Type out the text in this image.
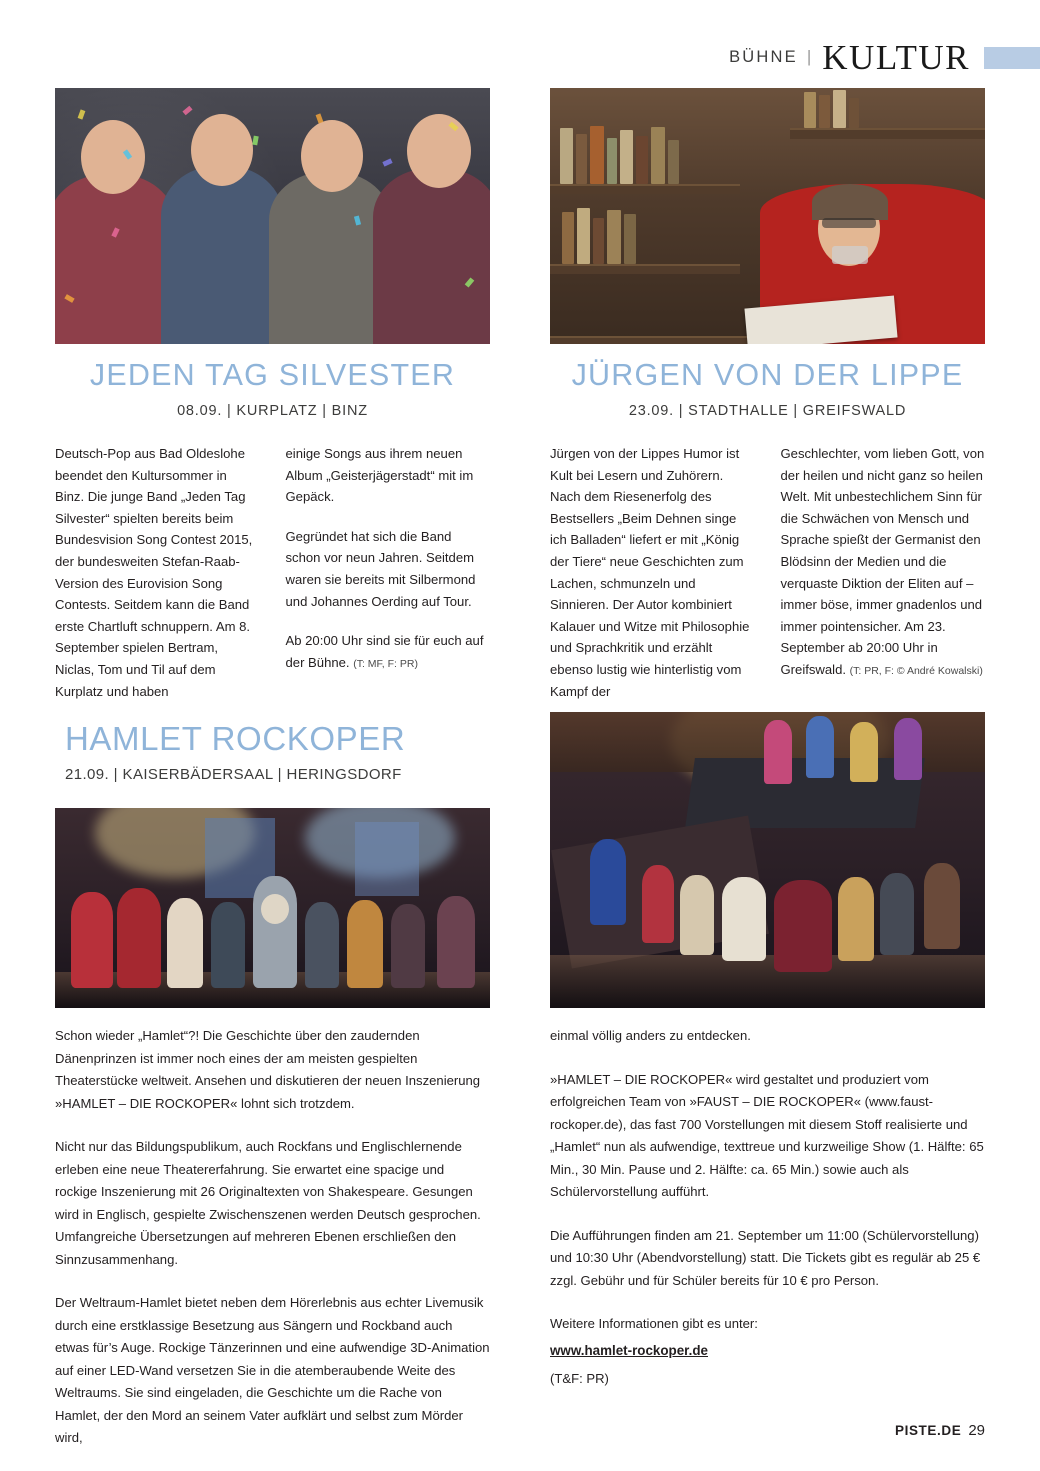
BÜHNE | KULTUR
JEDEN TAG SILVESTER
08.09. | KURPLATZ | BINZ

Deutsch-Pop aus Bad Oldeslohe beendet den Kultursommer in Binz. Die junge Band „Jeden Tag Silvester“ spielten bereits beim Bundesvision Song Contest 2015, der bundesweiten Stefan-Raab-Version des Eurovision Song Contests. Seitdem kann die Band erste Chartluft schnuppern. Am 8. September spielen Bertram, Niclas, Tom und Til auf dem Kurplatz und haben

einige Songs aus ihrem neuen Album „Geisterjägerstadt“ mit im Gepäck.

Gegründet hat sich die Band schon vor neun Jahren. Seitdem waren sie bereits mit Silbermond und Johannes Oerding auf Tour.

Ab 20:00 Uhr sind sie für euch auf der Bühne. (T: MF, F: PR)

JÜRGEN VON DER LIPPE
23.09. | STADTHALLE | GREIFSWALD

Jürgen von der Lippes Humor ist Kult bei Lesern und Zuhörern. Nach dem Riesenerfolg des Bestsellers „Beim Dehnen singe ich Balladen“ liefert er mit „König der Tiere“ neue Geschichten zum Lachen, schmunzeln und Sinnieren. Der Autor kombiniert Kalauer und Witze mit Philosophie und Sprachkritik und erzählt ebenso lustig wie hinterlistig vom Kampf der

Geschlechter, vom lieben Gott, von der heilen und nicht ganz so heilen Welt. Mit unbestechlichem Sinn für die Schwächen von Mensch und Sprache spießt der Germanist den Blödsinn der Medien und die verquaste Diktion der Eliten auf – immer böse, immer gnadenlos und immer pointensicher. Am 23. September ab 20:00 Uhr in Greifswald. (T: PR, F: © André Kowalski)

HAMLET ROCKOPER
21.09. | KAISERBÄDERSAAL | HERINGSDORF

Schon wieder „Hamlet“?! Die Geschichte über den zaudernden Dänenprinzen ist immer noch eines der am meisten gespielten Theaterstücke weltweit. Ansehen und diskutieren der neuen Inszenierung »HAMLET – DIE ROCKOPER« lohnt sich trotzdem.

Nicht nur das Bildungspublikum, auch Rockfans und Englischlernende erleben eine neue Theatererfahrung. Sie erwartet eine spacige und rockige Inszenierung mit 26 Originaltexten von Shakespeare. Gesungen wird in Englisch, gespielte Zwischenszenen werden Deutsch gesprochen. Umfangreiche Übersetzungen auf mehreren Ebenen erschließen den Sinnzusammenhang.

Der Weltraum-Hamlet bietet neben dem Hörerlebnis aus echter Livemusik durch eine erstklassige Besetzung aus Sängern und Rockband auch etwas für’s Auge. Rockige Tänzerinnen und eine aufwendige 3D-Animation auf einer LED-Wand versetzen Sie in die atemberaubende Weite des Weltraums. Sie sind eingeladen, die Geschichte um die Rache von Hamlet, der den Mord an seinem Vater aufklärt und selbst zum Mörder wird,

einmal völlig anders zu entdecken.

»HAMLET – DIE ROCKOPER« wird gestaltet und produziert vom erfolgreichen Team von »FAUST – DIE ROCKOPER« (www.faust-rockoper.de), das fast 700 Vorstellungen mit diesem Stoff realisierte und „Hamlet“ nun als aufwendige, texttreue und kurzweilige Show (1. Hälfte: 65 Min., 30 Min. Pause und 2. Hälfte: ca. 65 Min.) sowie auch als Schülervorstellung aufführt.

Die Aufführungen finden am 21. September um 11:00 (Schülervorstellung) und 10:30 Uhr (Abendvorstellung) statt. Die Tickets gibt es regulär ab 25 € zzgl. Gebühr und für Schüler bereits für 10 € pro Person.

Weitere Informationen gibt es unter:

www.hamlet-rockoper.de

(T&F: PR)

PISTE.DE 29
